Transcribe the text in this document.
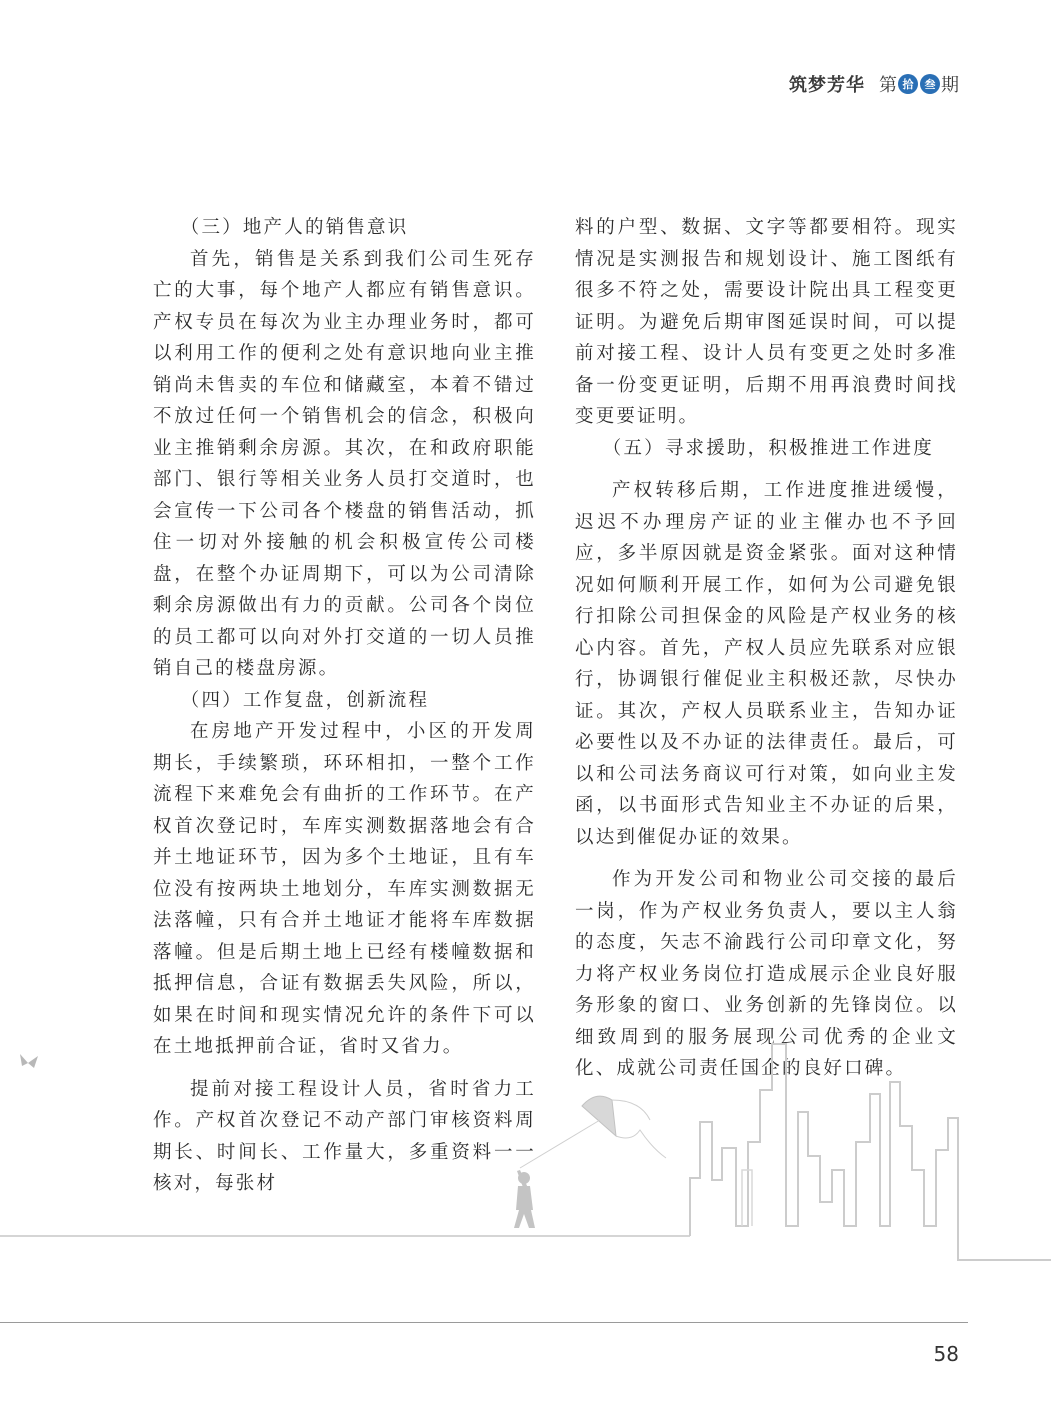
筑梦芳华 第 拾	叁 期

（三）地产人的销售意识

首先，销售是关系到我们公司生死存亡的大事，每个地产人都应有销售意识。产权专员在每次为业主办理业务时，都可以利用工作的便利之处有意识地向业主推销尚未售卖的车位和储藏室，本着不错过不放过任何一个销售机会的信念，积极向业主推销剩余房源。其次，在和政府职能部门、银行等相关业务人员打交道时，也会宣传一下公司各个楼盘的销售活动，抓住一切对外接触的机会积极宣传公司楼盘，在整个办证周期下，可以为公司清除剩余房源做出有力的贡献。公司各个岗位的员工都可以向对外打交道的一切人员推销自己的楼盘房源。

（四）工作复盘，创新流程

在房地产开发过程中，小区的开发周期长，手续繁琐，环环相扣，一整个工作流程下来难免会有曲折的工作环节。在产权首次登记时，车库实测数据落地会有合并土地证环节，因为多个土地证，且有车位没有按两块土地划分，车库实测数据无法落幢，只有合并土地证才能将车库数据落幢。但是后期土地上已经有楼幢数据和抵押信息，合证有数据丢失风险，所以，如果在时间和现实情况允许的条件下可以在土地抵押前合证，省时又省力。

提前对接工程设计人员，省时省力工作。产权首次登记不动产部门审核资料周期长、时间长、工作量大，多重资料一一核对，每张材

料的户型、数据、文字等都要相符。现实情况是实测报告和规划设计、施工图纸有很多不符之处，需要设计院出具工程变更证明。为避免后期审图延误时间，可以提前对接工程、设计人员有变更之处时多准备一份变更证明，后期不用再浪费时间找变更要证明。

（五）寻求援助，积极推进工作进度

产权转移后期，工作进度推进缓慢，迟迟不办理房产证的业主催办也不予回应，多半原因就是资金紧张。面对这种情况如何顺利开展工作，如何为公司避免银行扣除公司担保金的风险是产权业务的核心内容。首先，产权人员应先联系对应银行，协调银行催促业主积极还款，尽快办证。其次，产权人员联系业主，告知办证必要性以及不办证的法律责任。最后，可以和公司法务商议可行对策，如向业主发函，以书面形式告知业主不办证的后果，以达到催促办证的效果。

作为开发公司和物业公司交接的最后一岗，作为产权业务负责人，要以主人翁的态度，矢志不渝践行公司印章文化，努力将产权业务岗位打造成展示企业良好服务形象的窗口、业务创新的先锋岗位。以细致周到的服务展现公司优秀的企业文化、成就公司责任国企的良好口碑。

58
